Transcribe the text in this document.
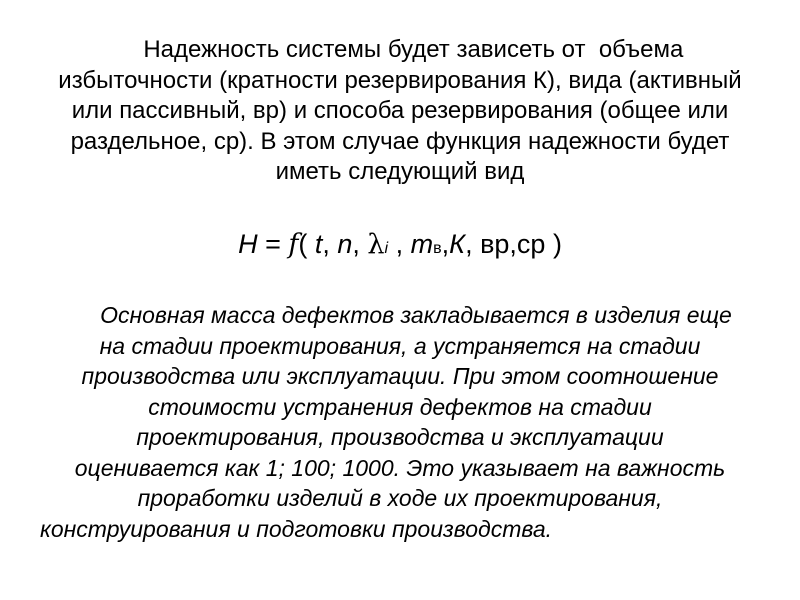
Надежность системы будет зависеть от  объема
избыточности (кратности резервирования К), вида (активный
или пассивный, вр) и способа резервирования (общее или
раздельное, ср). В этом случае функция надежности будет
иметь следующий вид
Н = f( t, n, λi , mв,К, вр,ср )
Основная масса дефектов закладывается в изделия еще
на стадии проектирования, а устраняется на стадии
производства или эксплуатации. При этом соотношение
стоимости устранения дефектов на стадии
проектирования, производства и эксплуатации
оценивается как 1; 100; 1000. Это указывает на важность
проработки изделий в ходе их проектирования,
конструирования и подготовки производства.
